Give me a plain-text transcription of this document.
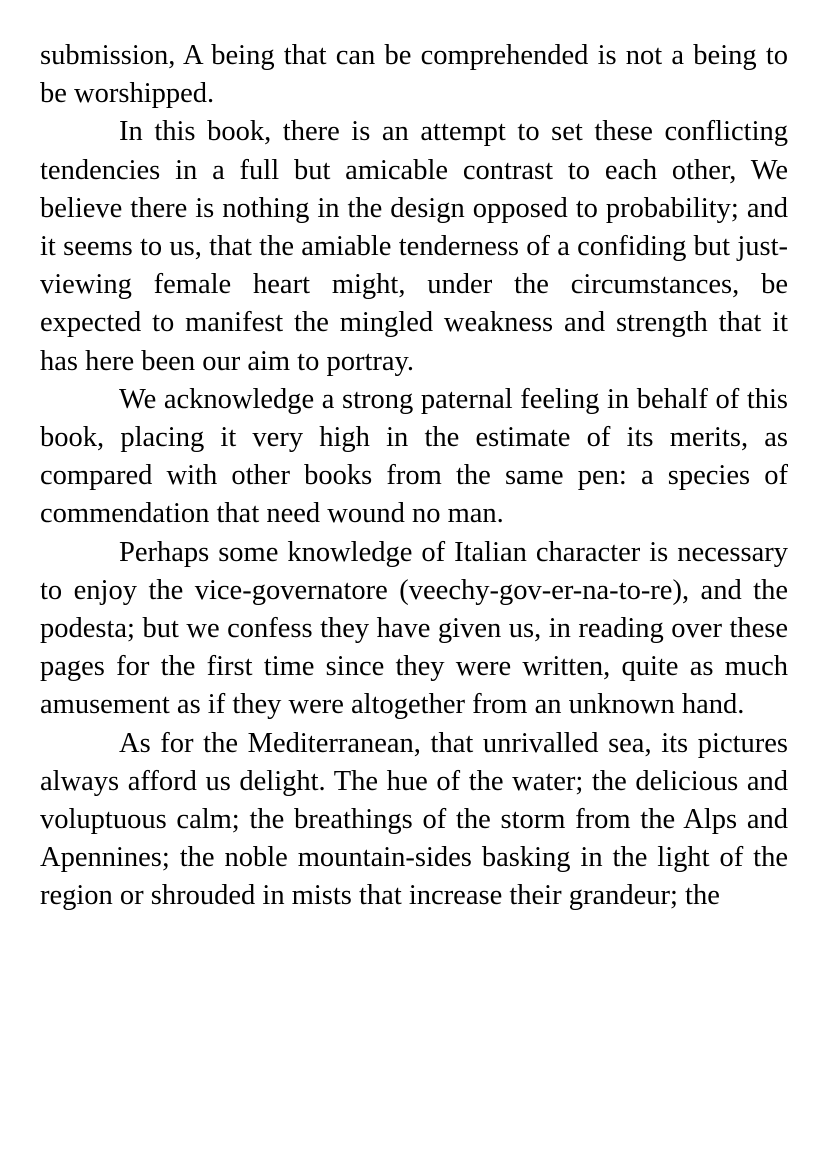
submission, A being that can be comprehended is not a being to be worshipped.

In this book, there is an attempt to set these conflicting tendencies in a full but amicable contrast to each other, We believe there is nothing in the design opposed to probability; and it seems to us, that the amiable tenderness of a confiding but just-viewing female heart might, under the circumstances, be expected to manifest the mingled weakness and strength that it has here been our aim to portray.

We acknowledge a strong paternal feeling in behalf of this book, placing it very high in the estimate of its merits, as compared with other books from the same pen: a species of commendation that need wound no man.

Perhaps some knowledge of Italian character is necessary to enjoy the vice-governatore (veechy-gov-er-na-to-re), and the podesta; but we confess they have given us, in reading over these pages for the first time since they were written, quite as much amusement as if they were altogether from an unknown hand.

As for the Mediterranean, that unrivalled sea, its pictures always afford us delight. The hue of the water; the delicious and voluptuous calm; the breathings of the storm from the Alps and Apennines; the noble mountain-sides basking in the light of the region or shrouded in mists that increase their grandeur; the
